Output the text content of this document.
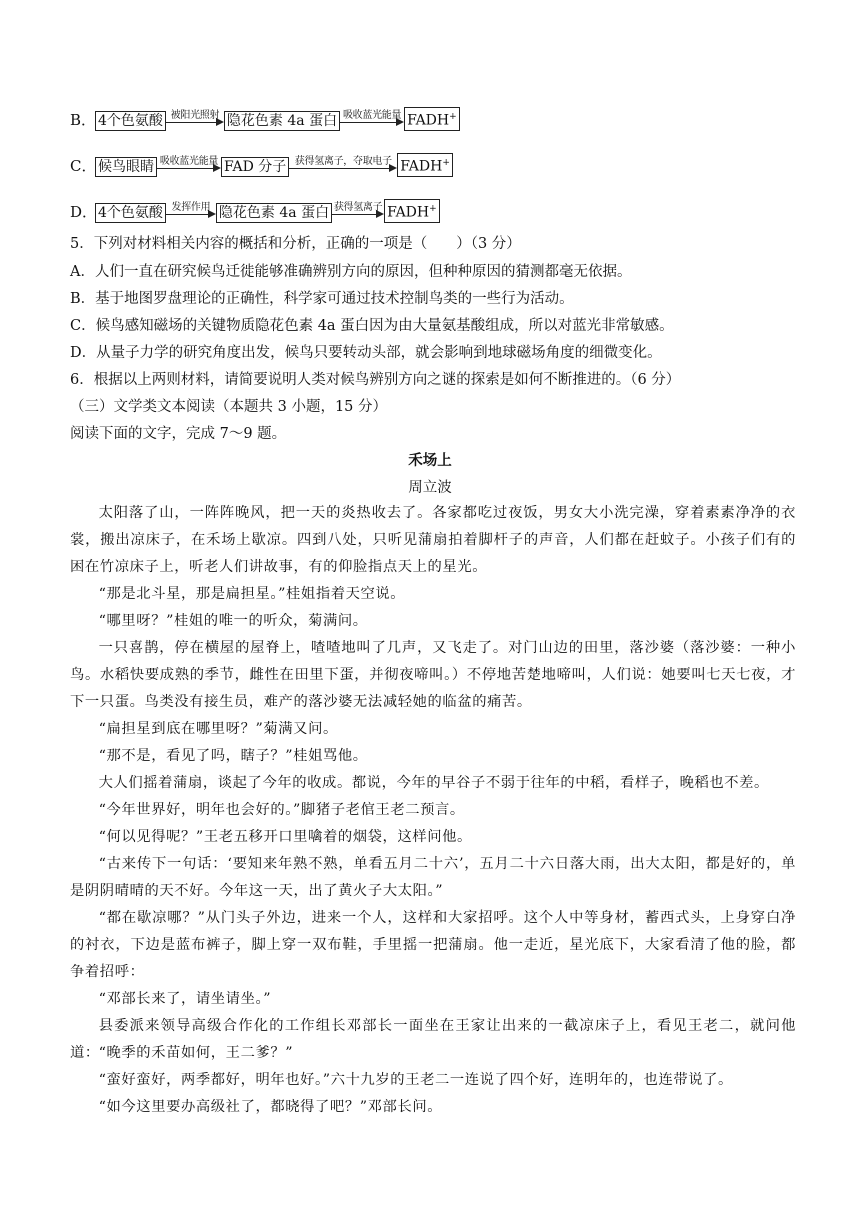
B． 4个色氨酸 被阳光照射 隐花色素 4a 蛋白 吸收蓝光能量 FADH+
C． 候鸟眼睛 吸收蓝光能量 FAD 分子 获得氢离子，夺取电子 FADH+
D． 4个色氨酸 发挥作用 隐花色素 4a 蛋白 获得氢离子 FADH+
5．下列对材料相关内容的概括和分析，正确的一项是（　　）（3 分）
A．人们一直在研究候鸟迁徙能够准确辨别方向的原因，但种种原因的猜测都毫无依据。
B．基于地图罗盘理论的正确性，科学家可通过技术控制鸟类的一些行为活动。
C．候鸟感知磁场的关键物质隐花色素 4a 蛋白因为由大量氨基酸组成，所以对蓝光非常敏感。
D．从量子力学的研究角度出发，候鸟只要转动头部，就会影响到地球磁场角度的细微变化。
6．根据以上两则材料，请简要说明人类对候鸟辨别方向之谜的探索是如何不断推进的。（6 分）
（三）文学类文本阅读（本题共 3 小题，15 分）
阅读下面的文字，完成 7～9 题。
禾场上
周立波
太阳落了山，一阵阵晚风，把一天的炎热收去了。各家都吃过夜饭，男女大小洗完澡，穿着素素净净的衣裳，搬出凉床子，在禾场上歇凉。四到八处，只听见蒲扇拍着脚杆子的声音，人们都在赶蚊子。小孩子们有的困在竹凉床子上，听老人们讲故事，有的仰脸指点天上的星光。
“那是北斗星，那是扁担星。”桂姐指着天空说。
“哪里呀？”桂姐的唯一的听众，菊满问。
一只喜鹊，停在横屋的屋脊上，喳喳地叫了几声，又飞走了。对门山边的田里，落沙婆（落沙婆：一种小鸟。水稻快要成熟的季节，雌性在田里下蛋，并彻夜啼叫。）不停地苦楚地啼叫，人们说：她要叫七天七夜，才下一只蛋。鸟类没有接生员，难产的落沙婆无法减轻她的临盆的痛苦。
“扁担星到底在哪里呀？”菊满又问。
“那不是，看见了吗，瞎子？”桂姐骂他。
大人们摇着蒲扇，谈起了今年的收成。都说，今年的早谷子不弱于往年的中稻，看样子，晚稻也不差。
“今年世界好，明年也会好的。”脚猪子老倌王老二预言。
“何以见得呢？”王老五移开口里噙着的烟袋，这样问他。
“古来传下一句话：‘要知来年熟不熟，单看五月二十六’，五月二十六日落大雨，出大太阳，都是好的，单是阴阴晴晴的天不好。今年这一天，出了黄火子大太阳。”
“都在歇凉哪？”从门头子外边，进来一个人，这样和大家招呼。这个人中等身材，蓄西式头，上身穿白净的衬衣，下边是蓝布裤子，脚上穿一双布鞋，手里摇一把蒲扇。他一走近，星光底下，大家看清了他的脸，都争着招呼：
“邓部长来了，请坐请坐。”
县委派来领导高级合作化的工作组长邓部长一面坐在王家让出来的一截凉床子上，看见王老二，就问他道：
“晚季的禾苗如何，王二爹？”
“蛮好蛮好，两季都好，明年也好。”六十九岁的王老二一连说了四个好，连明年的，也连带说了。
“如今这里要办高级社了，都晓得了吧？”邓部长问。
